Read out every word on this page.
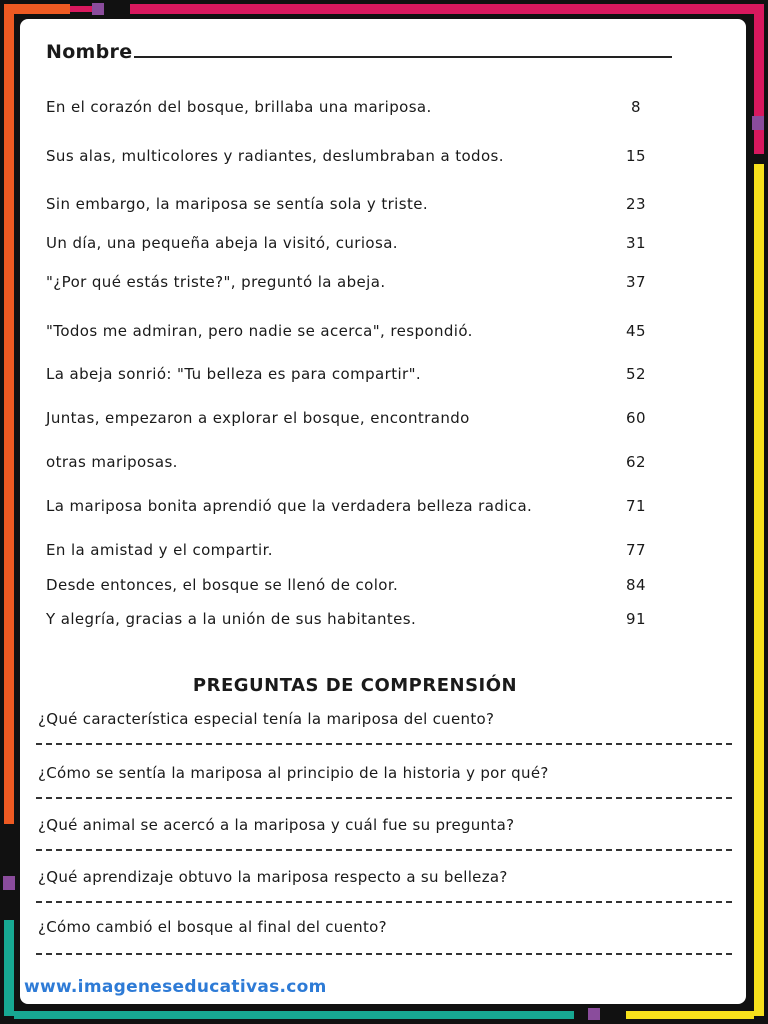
Nombre
En el corazón del bosque, brillaba una mariposa.	8
Sus alas, multicolores y radiantes, deslumbraban a todos.	15
Sin embargo, la mariposa se sentía sola y triste.	23
Un día, una pequeña abeja la visitó, curiosa.	31
"¿Por qué estás triste?", preguntó la abeja.	37
"Todos me admiran, pero nadie se acerca", respondió.	45
La abeja sonrió: "Tu belleza es para compartir".	52
Juntas, empezaron a explorar el bosque, encontrando	60
otras mariposas.	62
La mariposa bonita aprendió que la verdadera belleza radica.	71
En la amistad y el compartir.	77
Desde entonces, el bosque se llenó de color.	84
Y alegría, gracias a la unión de sus habitantes.	91
PREGUNTAS DE COMPRENSIÓN
¿Qué característica especial tenía la mariposa del cuento?
¿Cómo se sentía la mariposa al principio de la historia y por qué?
¿Qué animal se acercó a la mariposa y cuál fue su pregunta?
¿Qué aprendizaje obtuvo la mariposa respecto a su belleza?
¿Cómo cambió el bosque al final del cuento?
www.imageneseducativas.com
